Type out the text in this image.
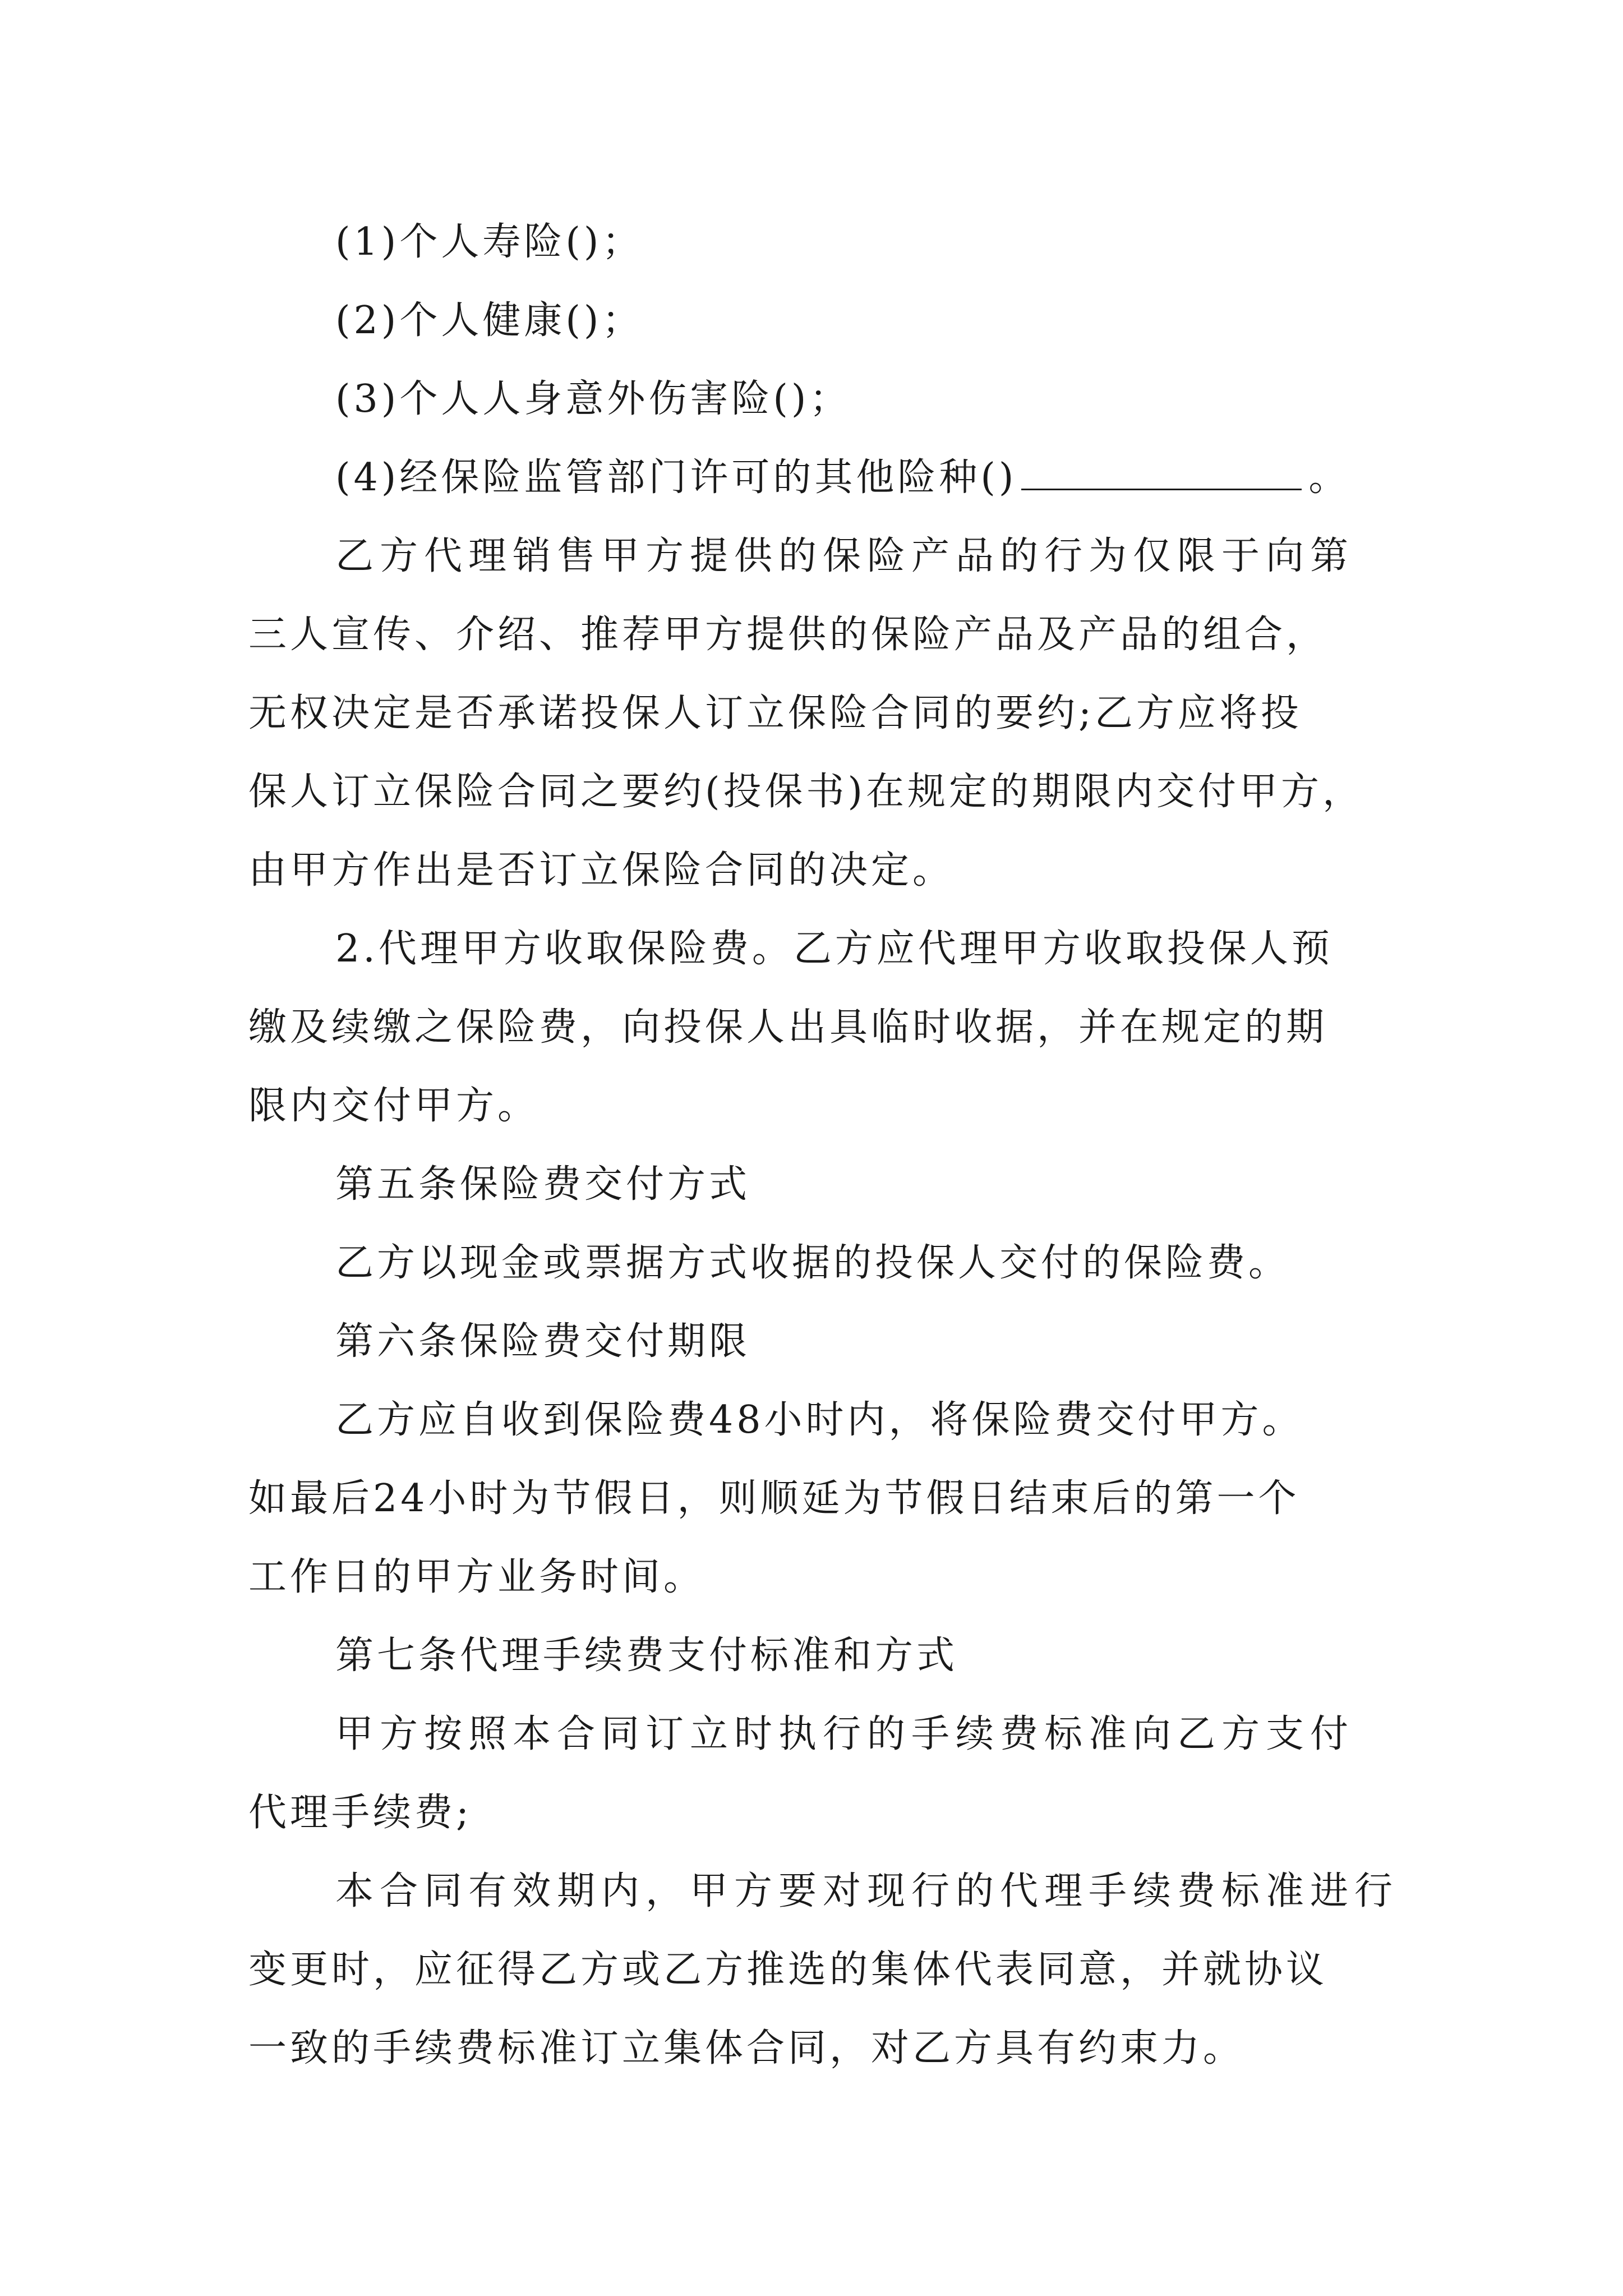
(1)个人寿险()；
(2)个人健康()；
(3)个人人身意外伤害险()；
(4)经保险监管部门许可的其他险种()	。
乙方代理销售甲方提供的保险产品的行为仅限于向第
三人宣传、介绍、推荐甲方提供的保险产品及产品的组合，
无权决定是否承诺投保人订立保险合同的要约;乙方应将投
保人订立保险合同之要约(投保书)在规定的期限内交付甲方，
由甲方作出是否订立保险合同的决定。
2.代理甲方收取保险费。乙方应代理甲方收取投保人预
缴及续缴之保险费，向投保人出具临时收据，并在规定的期
限内交付甲方。
第五条保险费交付方式
乙方以现金或票据方式收据的投保人交付的保险费。
第六条保险费交付期限
乙方应自收到保险费48小时内，将保险费交付甲方。
如最后24小时为节假日，则顺延为节假日结束后的第一个
工作日的甲方业务时间。
第七条代理手续费支付标准和方式
甲方按照本合同订立时执行的手续费标准向乙方支付
代理手续费;
本合同有效期内，甲方要对现行的代理手续费标准进行
变更时，应征得乙方或乙方推选的集体代表同意，并就协议
一致的手续费标准订立集体合同，对乙方具有约束力。
